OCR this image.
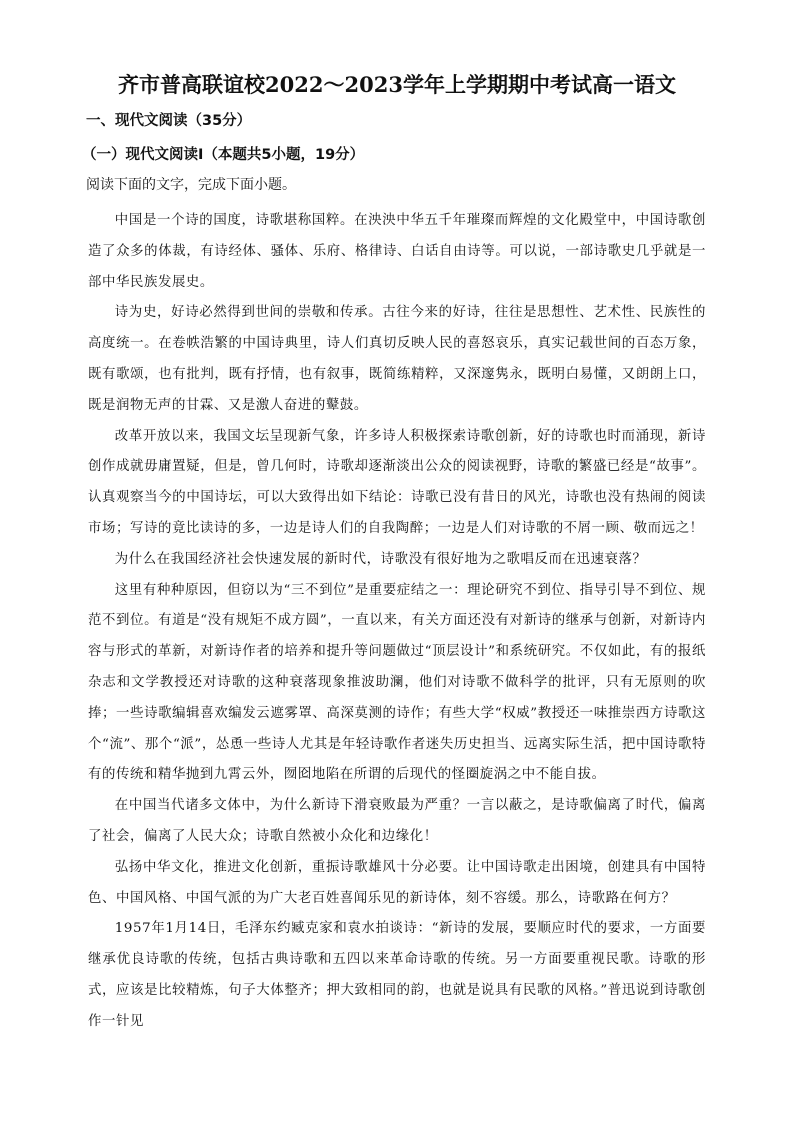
齐市普高联谊校2022～2023学年上学期期中考试高一语文
一、现代文阅读（35分）
（一）现代文阅读Ⅰ（本题共5小题，19分）
阅读下面的文字，完成下面小题。

中国是一个诗的国度，诗歌堪称国粹。在泱泱中华五千年璀璨而辉煌的文化殿堂中，中国诗歌创造了众多的体裁，有诗经体、骚体、乐府、格律诗、白话自由诗等。可以说，一部诗歌史几乎就是一部中华民族发展史。

诗为史，好诗必然得到世间的崇敬和传承。古往今来的好诗，往往是思想性、艺术性、民族性的高度统一。在卷帙浩繁的中国诗典里，诗人们真切反映人民的喜怒哀乐，真实记载世间的百态万象，既有歌颂，也有批判，既有抒情，也有叙事，既简练精粹，又深邃隽永，既明白易懂，又朗朗上口，既是润物无声的甘霖、又是激人奋进的鼙鼓。

改革开放以来，我国文坛呈现新气象，许多诗人积极探索诗歌创新，好的诗歌也时而涌现，新诗创作成就毋庸置疑，但是，曾几何时，诗歌却逐渐淡出公众的阅读视野，诗歌的繁盛已经是“故事”。认真观察当今的中国诗坛，可以大致得出如下结论：诗歌已没有昔日的风光，诗歌也没有热闹的阅读市场；写诗的竟比读诗的多，一边是诗人们的自我陶醉；一边是人们对诗歌的不屑一顾、敬而远之！

为什么在我国经济社会快速发展的新时代，诗歌没有很好地为之歌唱反而在迅速衰落？

这里有种种原因，但窃以为“三不到位”是重要症结之一：理论研究不到位、指导引导不到位、规范不到位。有道是“没有规矩不成方圆”，一直以来，有关方面还没有对新诗的继承与创新，对新诗内容与形式的革新，对新诗作者的培养和提升等问题做过“顶层设计”和系统研究。不仅如此，有的报纸杂志和文学教授还对诗歌的这种衰落现象推波助澜，他们对诗歌不做科学的批评，只有无原则的吹捧；一些诗歌编辑喜欢编发云遮雾罩、高深莫测的诗作；有些大学“权威”教授还一味推崇西方诗歌这个“流”、那个“派”，怂恿一些诗人尤其是年轻诗歌作者迷失历史担当、远离实际生活，把中国诗歌特有的传统和精华抛到九霄云外，囫囵地陷在所谓的后现代的怪圈旋涡之中不能自拔。

在中国当代诸多文体中，为什么新诗下滑衰败最为严重？一言以蔽之，是诗歌偏离了时代，偏离了社会，偏离了人民大众；诗歌自然被小众化和边缘化！

弘扬中华文化，推进文化创新，重振诗歌雄风十分必要。让中国诗歌走出困境，创建具有中国特色、中国风格、中国气派的为广大老百姓喜闻乐见的新诗体，刻不容缓。那么，诗歌路在何方？

1957年1月14日，毛泽东约臧克家和袁水拍谈诗：“新诗的发展，要顺应时代的要求，一方面要继承优良诗歌的传统，包括古典诗歌和五四以来革命诗歌的传统。另一方面要重视民歌。诗歌的形式，应该是比较精炼，句子大体整齐；押大致相同的韵，也就是说具有民歌的风格。”普迅说到诗歌创作一针见
